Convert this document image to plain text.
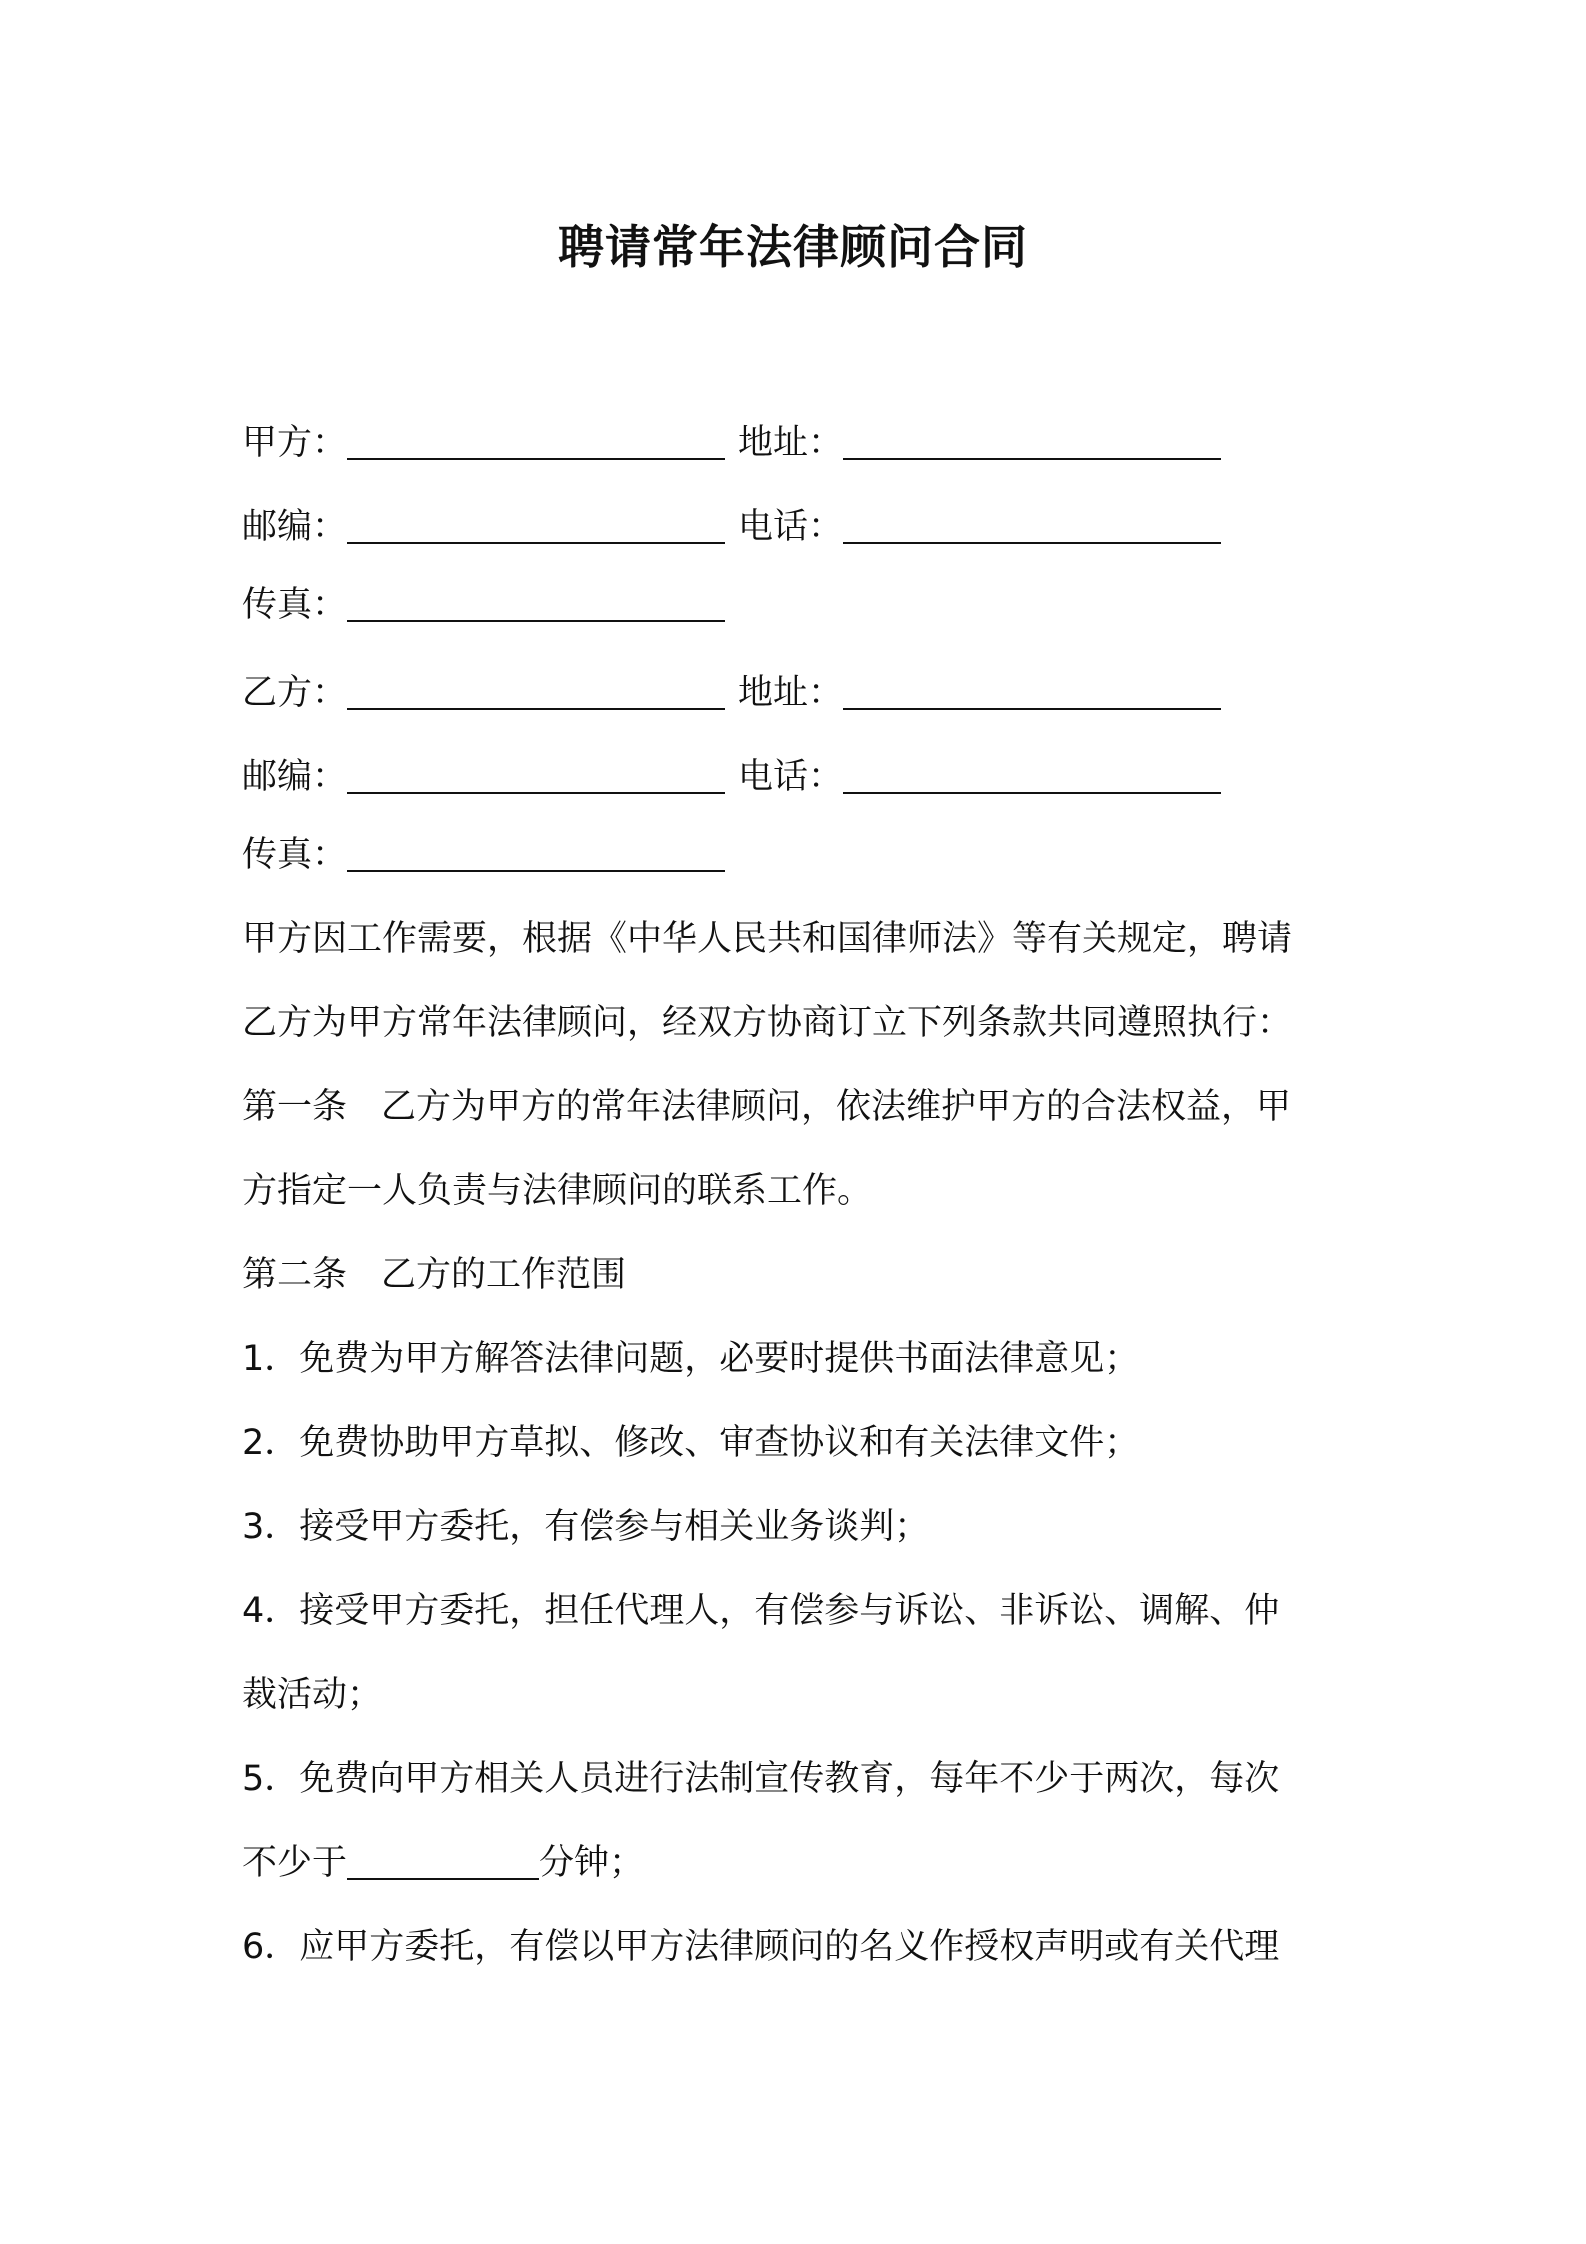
聘请常年法律顾问合同
甲方：	地址：
邮编：	电话：
传真：
乙方：	地址：
邮编：	电话：
传真：
甲方因工作需要，根据《中华人民共和国律师法》等有关规定，聘请
乙方为甲方常年法律顾问，经双方协商订立下列条款共同遵照执行：
第一条 乙方为甲方的常年法律顾问，依法维护甲方的合法权益，甲
方指定一人负责与法律顾问的联系工作。
第二条 乙方的工作范围
1．免费为甲方解答法律问题，必要时提供书面法律意见；
2．免费协助甲方草拟、修改、审查协议和有关法律文件；
3．接受甲方委托，有偿参与相关业务谈判；
4．接受甲方委托，担任代理人，有偿参与诉讼、非诉讼、调解、仲
裁活动；
5．免费向甲方相关人员进行法制宣传教育，每年不少于两次，每次
不少于	分钟；
6．应甲方委托，有偿以甲方法律顾问的名义作授权声明或有关代理
